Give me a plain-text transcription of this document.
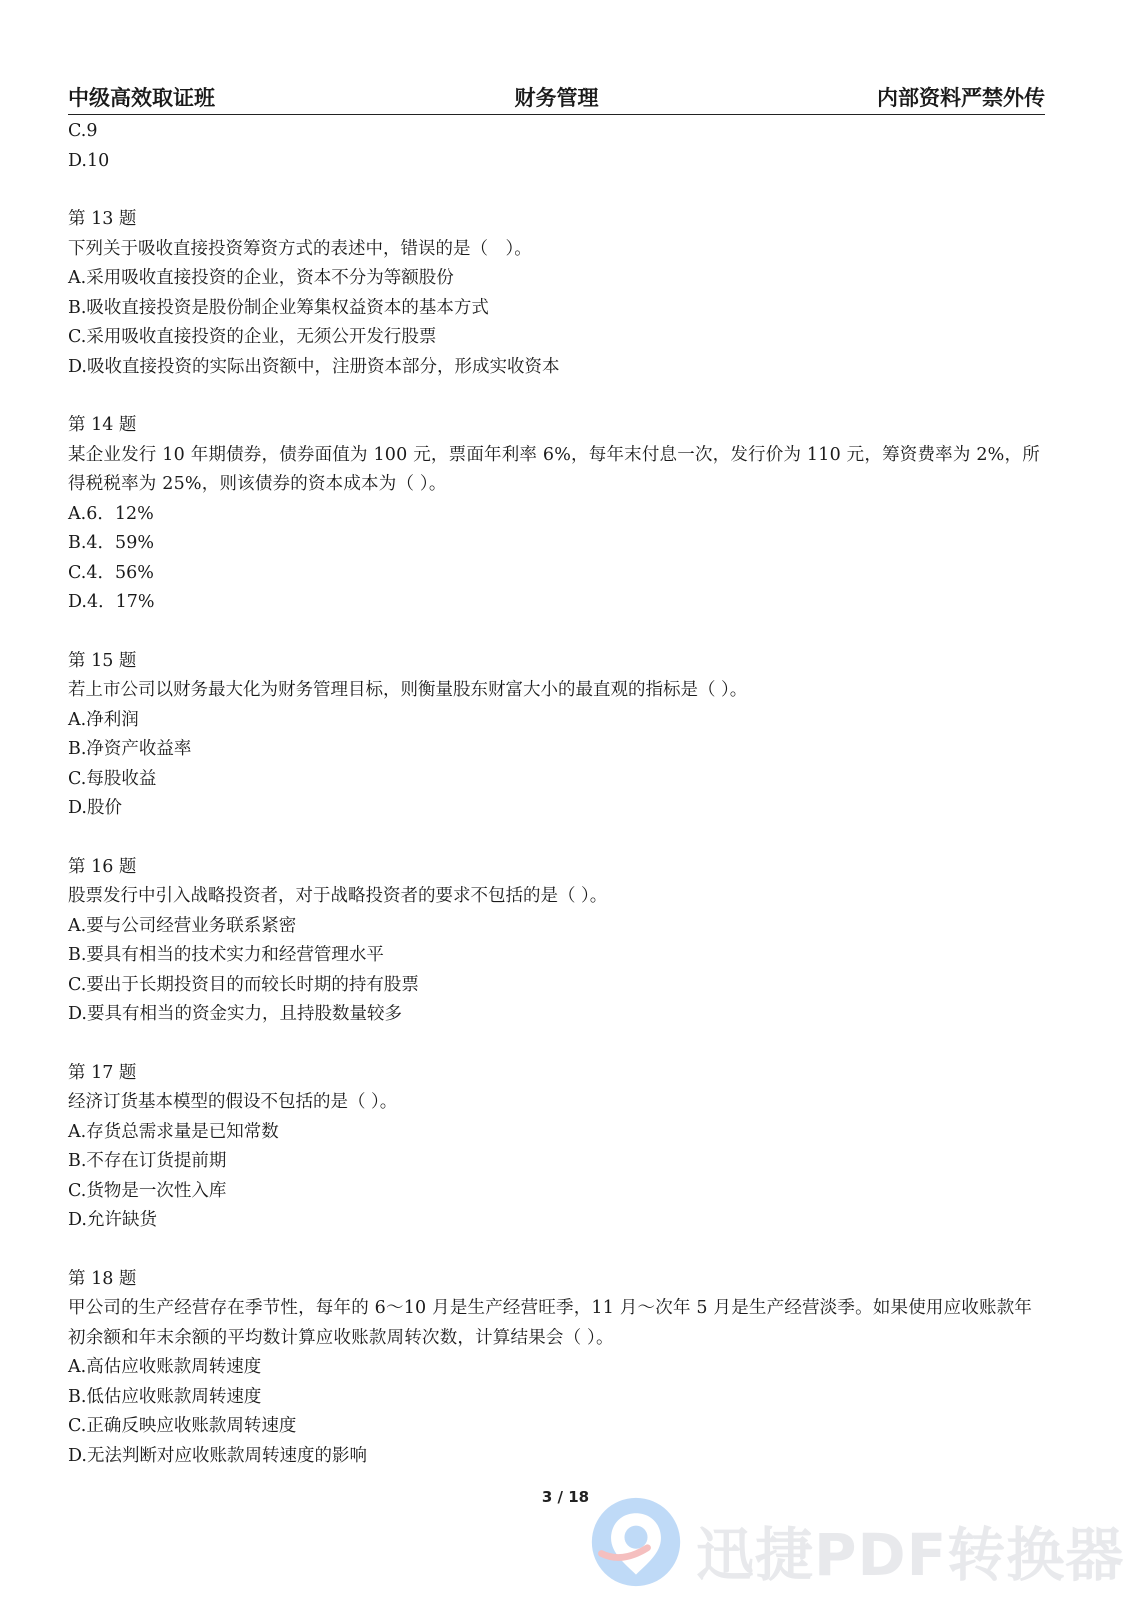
中级高效取证班	财务管理	内部资料严禁外传
C.9
D.10
第 13 题
下列关于吸收直接投资筹资方式的表述中，错误的是（　）。
A.采用吸收直接投资的企业，资本不分为等额股份
B.吸收直接投资是股份制企业筹集权益资本的基本方式
C.采用吸收直接投资的企业，无须公开发行股票
D.吸收直接投资的实际出资额中，注册资本部分，形成实收资本
第 14 题
某企业发行 10 年期债券，债券面值为 100 元，票面年利率 6%，每年末付息一次，发行价为 110 元，筹资费率为 2%，所得税税率为 25%，则该债券的资本成本为（ ）。
A.6．12%
B.4．59%
C.4．56%
D.4．17%
第 15 题
若上市公司以财务最大化为财务管理目标，则衡量股东财富大小的最直观的指标是（ ）。
A.净利润
B.净资产收益率
C.每股收益
D.股价
第 16 题
股票发行中引入战略投资者，对于战略投资者的要求不包括的是（ ）。
A.要与公司经营业务联系紧密
B.要具有相当的技术实力和经营管理水平
C.要出于长期投资目的而较长时期的持有股票
D.要具有相当的资金实力，且持股数量较多
第 17 题
经济订货基本模型的假设不包括的是（ ）。
A.存货总需求量是已知常数
B.不存在订货提前期
C.货物是一次性入库
D.允许缺货
第 18 题
甲公司的生产经营存在季节性，每年的 6～10 月是生产经营旺季，11 月～次年 5 月是生产经营淡季。如果使用应收账款年初余额和年末余额的平均数计算应收账款周转次数，计算结果会（ ）。
A.高估应收账款周转速度
B.低估应收账款周转速度
C.正确反映应收账款周转速度
D.无法判断对应收账款周转速度的影响
3 / 18
迅捷PDF转换器
